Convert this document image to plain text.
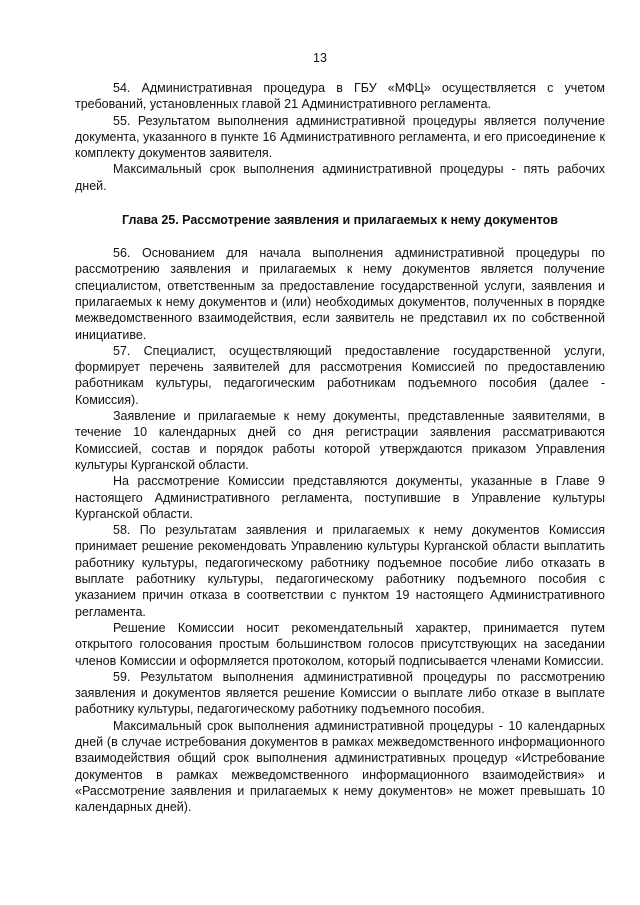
13

54. Административная процедура в ГБУ «МФЦ» осуществляется с учетом требований, установленных главой 21 Административного регламента.

55. Результатом выполнения административной процедуры является получение документа, указанного в пункте 16 Административного регламента, и его присоединение к комплекту документов заявителя.

Максимальный срок выполнения административной процедуры - пять рабочих дней.

Глава 25. Рассмотрение заявления и прилагаемых к нему документов

56. Основанием для начала выполнения административной процедуры по рассмотрению заявления и прилагаемых к нему документов является получение специалистом, ответственным за предоставление государственной услуги, заявления и прилагаемых к нему документов и (или) необходимых документов, полученных в порядке межведомственного взаимодействия, если заявитель не представил их по собственной инициативе.

57. Специалист, осуществляющий предоставление государственной услуги, формирует перечень заявителей для рассмотрения Комиссией по предоставлению работникам культуры, педагогическим работникам подъемного пособия (далее - Комиссия).

Заявление и прилагаемые к нему документы, представленные заявителями, в течение 10 календарных дней со дня регистрации заявления рассматриваются Комиссией, состав и порядок работы которой утверждаются приказом Управления культуры Курганской области.

На рассмотрение Комиссии представляются документы, указанные в Главе 9 настоящего Административного регламента, поступившие в Управление культуры Курганской области.

58. По результатам заявления и прилагаемых к нему документов Комиссия принимает решение рекомендовать Управлению культуры Курганской области выплатить работнику культуры, педагогическому работнику подъемное пособие либо отказать в выплате работнику культуры, педагогическому работнику подъемного пособия с указанием причин отказа в соответствии с пунктом 19 настоящего Административного регламента.

Решение Комиссии носит рекомендательный характер, принимается путем открытого голосования простым большинством голосов присутствующих на заседании членов Комиссии и оформляется протоколом, который подписывается членами Комиссии.

59. Результатом выполнения административной процедуры по рассмотрению заявления и документов является решение Комиссии о выплате либо отказе в выплате работнику культуры, педагогическому работнику подъемного пособия.

Максимальный срок выполнения административной процедуры - 10 календарных дней (в случае истребования документов в рамках межведомственного информационного взаимодействия общий срок выполнения административных процедур «Истребование документов в рамках межведомственного информационного взаимодействия» и «Рассмотрение заявления и прилагаемых к нему документов» не может превышать 10 календарных дней).
